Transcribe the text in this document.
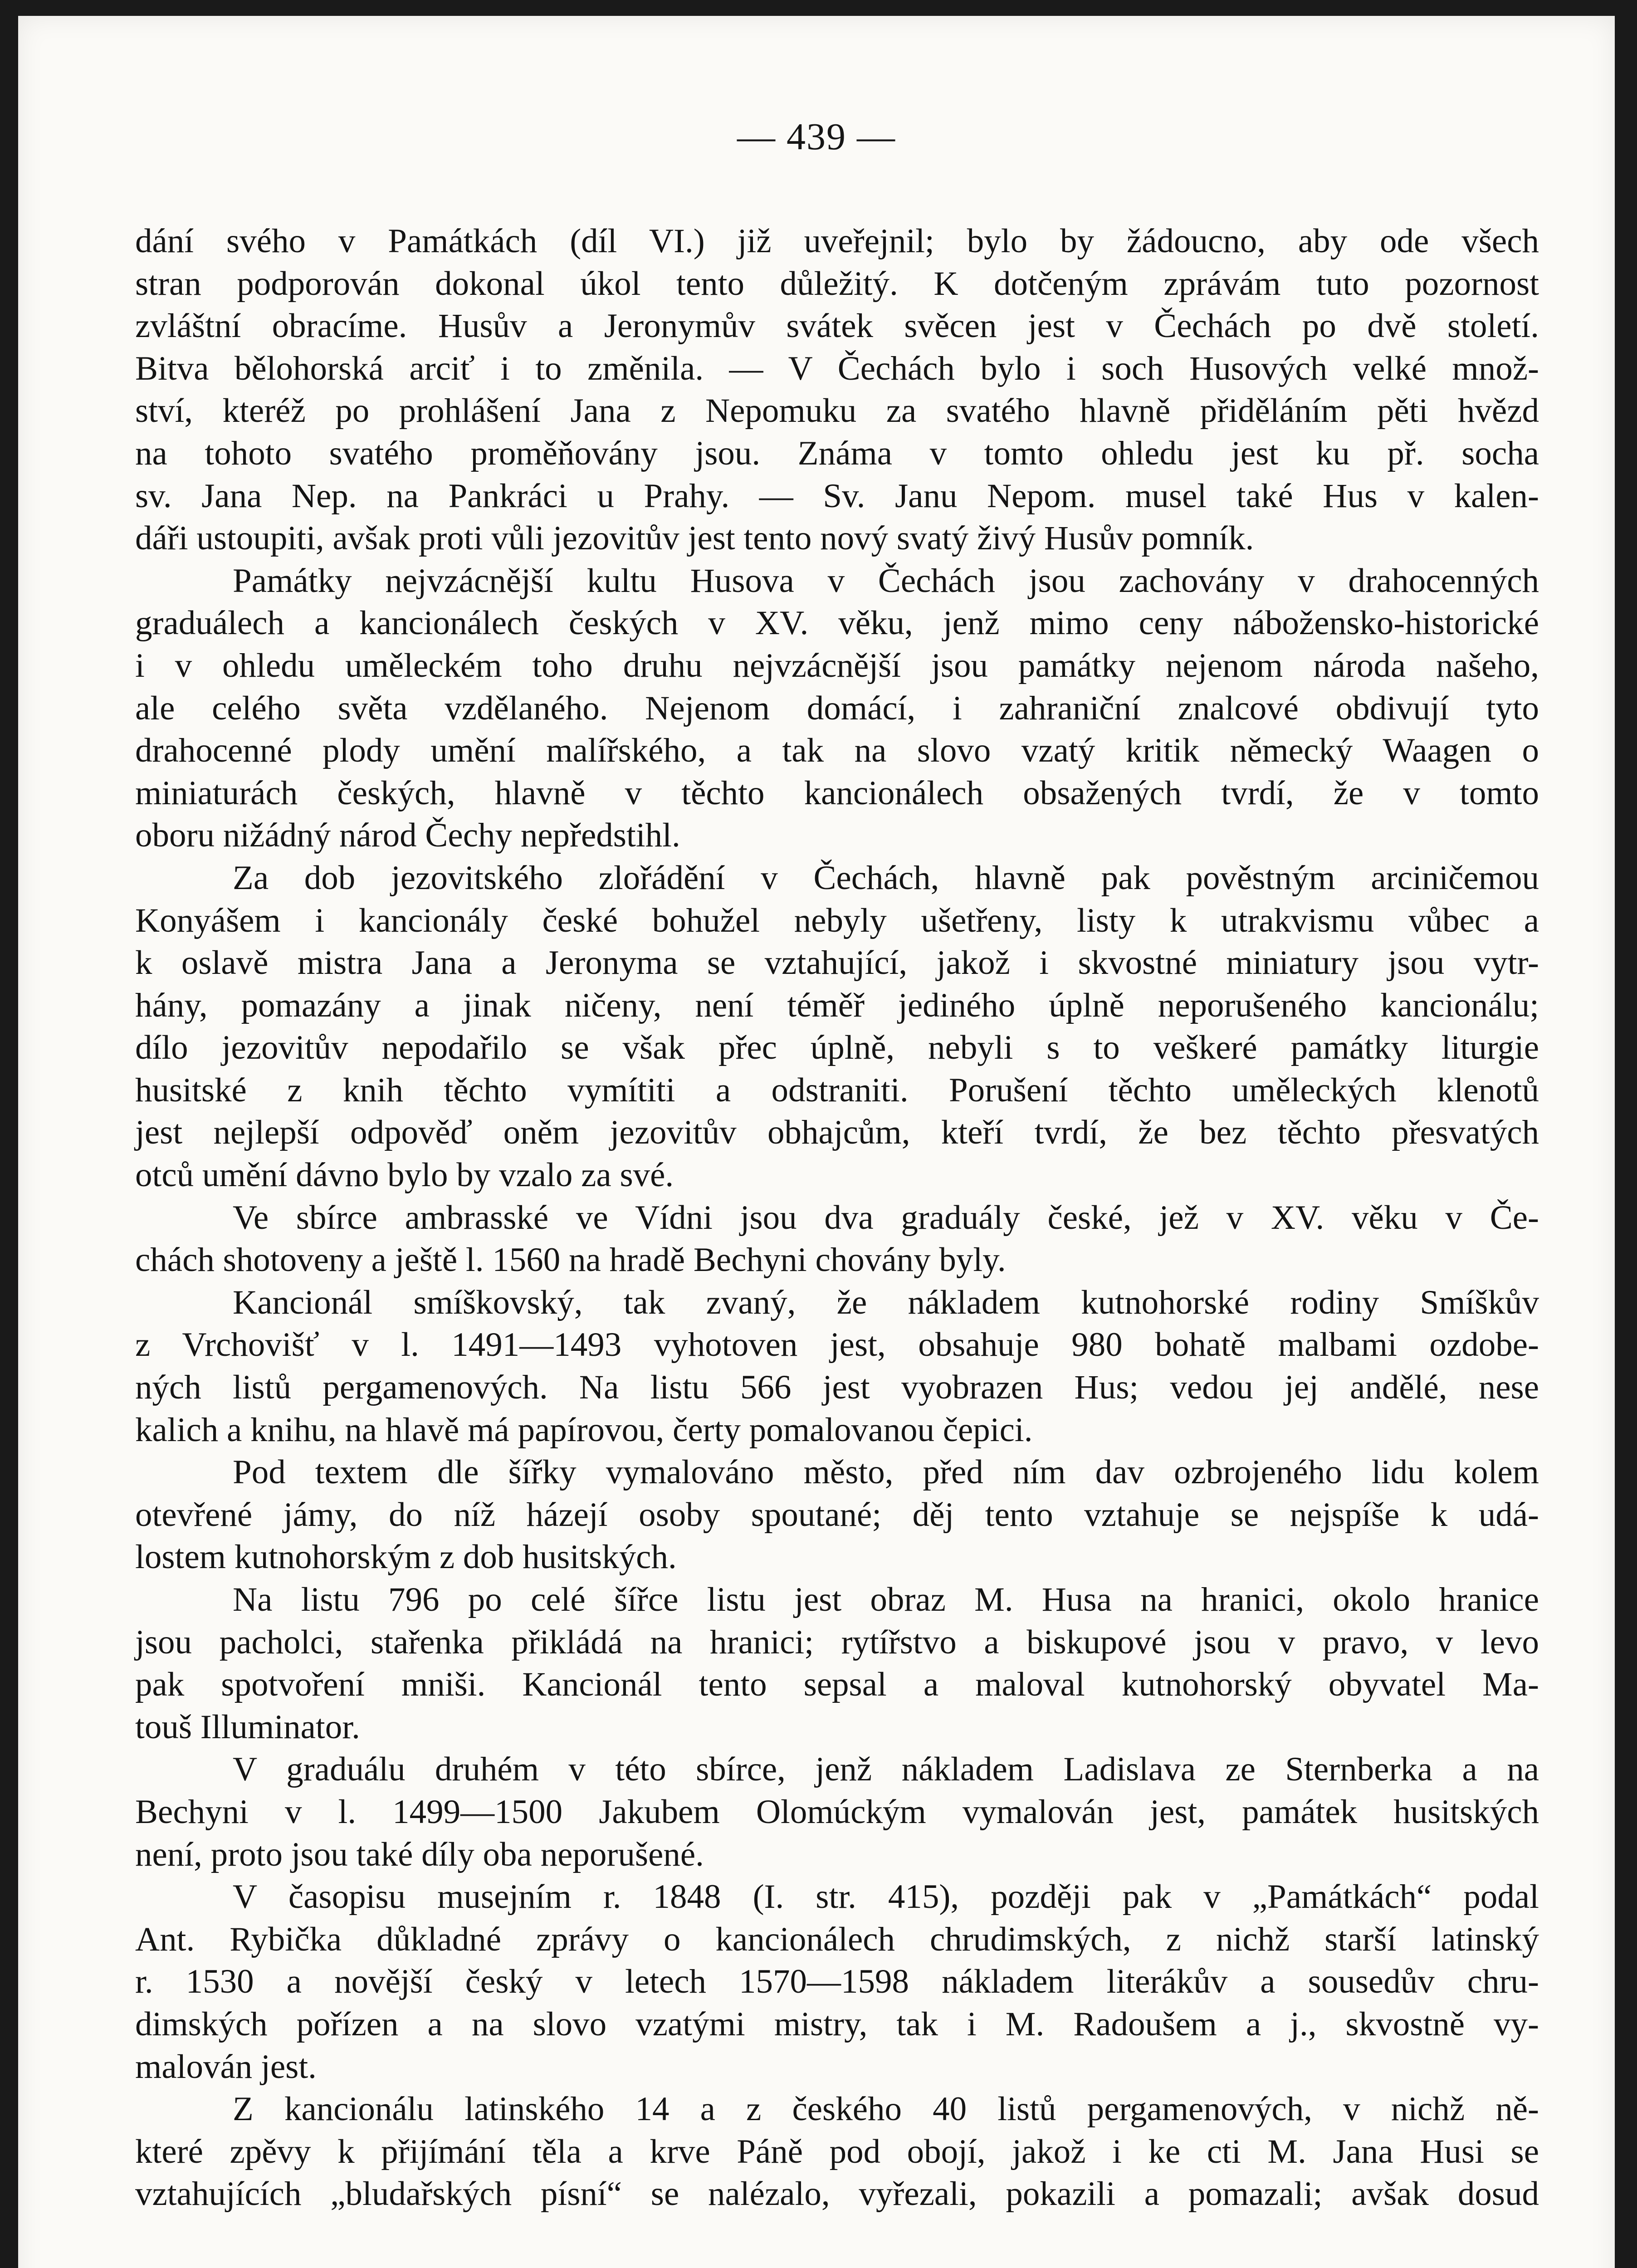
— 439 —
dání svého v Památkách (díl VI.) již uveřejnil; bylo by žádoucno, aby ode všech
stran podporován dokonal úkol tento důležitý. K dotčeným zprávám tuto pozornost
zvláštní obracíme. Husův a Jeronymův svátek svěcen jest v Čechách po dvě století.
Bitva bělohorská arciť i to změnila. — V Čechách bylo i soch Husových velké množ-
ství, kteréž po prohlášení Jana z Nepomuku za svatého hlavně přiděláním pěti hvězd
na tohoto svatého proměňovány jsou. Známa v tomto ohledu jest ku př. socha
sv. Jana Nep. na Pankráci u Prahy. — Sv. Janu Nepom. musel také Hus v kalen-
dáři ustoupiti, avšak proti vůli jezovitův jest tento nový svatý živý Husův pomník.
Památky nejvzácnější kultu Husova v Čechách jsou zachovány v drahocenných
graduálech a kancionálech českých v XV. věku, jenž mimo ceny nábožensko-historické
i v ohledu uměleckém toho druhu nejvzácnější jsou památky nejenom národa našeho,
ale celého světa vzdělaného. Nejenom domácí, i zahraniční znalcové obdivují tyto
drahocenné plody umění malířského, a tak na slovo vzatý kritik německý Waagen o
miniaturách českých, hlavně v těchto kancionálech obsažených tvrdí, že v tomto
oboru nižádný národ Čechy nepředstihl.
Za dob jezovitského zlořádění v Čechách, hlavně pak pověstným arciničemou
Konyášem i kancionály české bohužel nebyly ušetřeny, listy k utrakvismu vůbec a
k oslavě mistra Jana a Jeronyma se vztahující, jakož i skvostné miniatury jsou vytr-
hány, pomazány a jinak ničeny, není téměř jediného úplně neporušeného kancionálu;
dílo jezovitův nepodařilo se však přec úplně, nebyli s to veškeré památky liturgie
husitské z knih těchto vymítiti a odstraniti. Porušení těchto uměleckých klenotů
jest nejlepší odpověď oněm jezovitův obhajcům, kteří tvrdí, že bez těchto přesvatých
otců umění dávno bylo by vzalo za své.
Ve sbírce ambrasské ve Vídni jsou dva graduály české, jež v XV. věku v Če-
chách shotoveny a ještě l. 1560 na hradě Bechyni chovány byly.
Kancionál smíškovský, tak zvaný, že nákladem kutnohorské rodiny Smíškův
z Vrchovišť v l. 1491—1493 vyhotoven jest, obsahuje 980 bohatě malbami ozdobe-
ných listů pergamenových. Na listu 566 jest vyobrazen Hus; vedou jej andělé, nese
kalich a knihu, na hlavě má papírovou, čerty pomalovanou čepici.
Pod textem dle šířky vymalováno město, před ním dav ozbrojeného lidu kolem
otevřené jámy, do níž házejí osoby spoutané; děj tento vztahuje se nejspíše k udá-
lostem kutnohorským z dob husitských.
Na listu 796 po celé šířce listu jest obraz M. Husa na hranici, okolo hranice
jsou pacholci, stařenka přikládá na hranici; rytířstvo a biskupové jsou v pravo, v levo
pak spotvoření mniši. Kancionál tento sepsal a maloval kutnohorský obyvatel Ma-
touš Illuminator.
V graduálu druhém v této sbírce, jenž nákladem Ladislava ze Sternberka a na
Bechyni v l. 1499—1500 Jakubem Olomúckým vymalován jest, památek husitských
není, proto jsou také díly oba neporušené.
V časopisu musejním r. 1848 (I. str. 415), později pak v „Památkách“ podal
Ant. Rybička důkladné zprávy o kancionálech chrudimských, z nichž starší latinský
r. 1530 a novější český v letech 1570—1598 nákladem literákův a sousedův chru-
dimských pořízen a na slovo vzatými mistry, tak i M. Radoušem a j., skvostně vy-
malován jest.
Z kancionálu latinského 14 a z českého 40 listů pergamenových, v nichž ně-
které zpěvy k přijímání těla a krve Páně pod obojí, jakož i ke cti M. Jana Husi se
vztahujících „bludařských písní“ se nalézalo, vyřezali, pokazili a pomazali; avšak dosud
